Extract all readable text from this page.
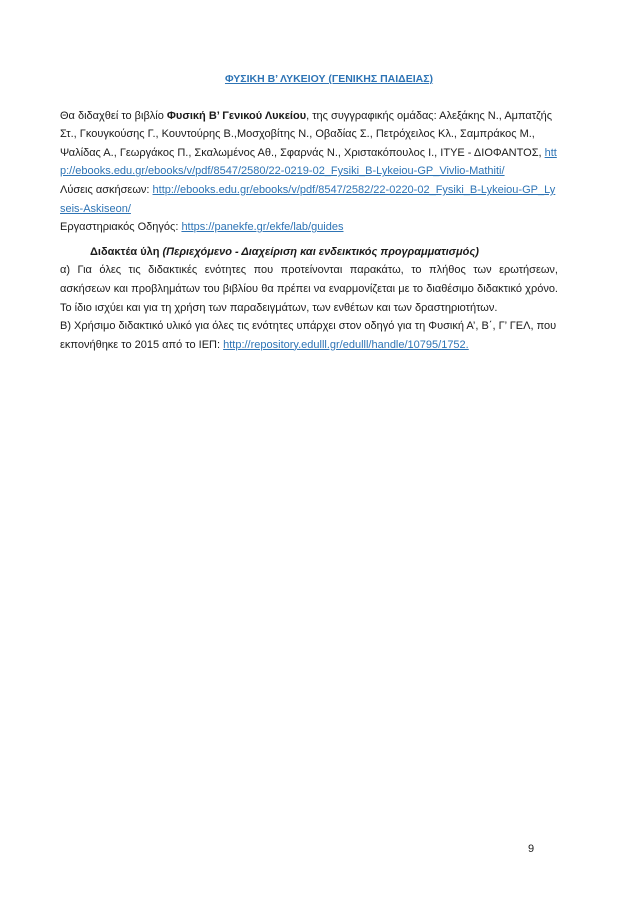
ΦΥΣΙΚΗ Β’ ΛΥΚΕΙΟΥ (ΓΕΝΙΚΗΣ ΠΑΙΔΕΙΑΣ)

Θα διδαχθεί το βιβλίο Φυσική Β’ Γενικού Λυκείου, της συγγραφικής ομάδας: Αλεξάκης Ν., Αμπατζής Στ., Γκουγκούσης Γ., Κουντούρης Β.,Μοσχοβίτης Ν., Οβαδίας Σ., Πετρόχειλος Κλ., Σαμπράκος Μ., Ψαλίδας Α., Γεωργάκος Π., Σκαλωμένος Αθ., Σφαρνάς Ν., Χριστακόπουλος Ι., ΙΤΥΕ - ΔΙΟΦΑΝΤΟΣ, http://ebooks.edu.gr/ebooks/v/pdf/8547/2580/22-0219-02_Fysiki_B-Lykeiou-GP_Vivlio-Mathiti/

Λύσεις ασκήσεων: http://ebooks.edu.gr/ebooks/v/pdf/8547/2582/22-0220-02_Fysiki_B-Lykeiou-GP_Lyseis-Askiseon/

Εργαστηριακός Οδηγός: https://panekfe.gr/ekfe/lab/guides

Διδακτέα ύλη (Περιεχόμενο - Διαχείριση και ενδεικτικός προγραμματισμός)

α) Για όλες τις διδακτικές ενότητες που προτείνονται παρακάτω, το πλήθος των ερωτήσεων, ασκήσεων και προβλημάτων του βιβλίου θα πρέπει να εναρμονίζεται με το διαθέσιμο διδακτικό χρόνο. Το ίδιο ισχύει και για τη χρήση των παραδειγμάτων, των ενθέτων και των δραστηριοτήτων.

Β) Χρήσιμο διδακτικό υλικό για όλες τις ενότητες υπάρχει στον οδηγό για τη Φυσική Α’, Β΄, Γ’ ΓΕΛ, που εκπονήθηκε το 2015 από το ΙΕΠ: http://repository.edulll.gr/edulll/handle/10795/1752.

9
